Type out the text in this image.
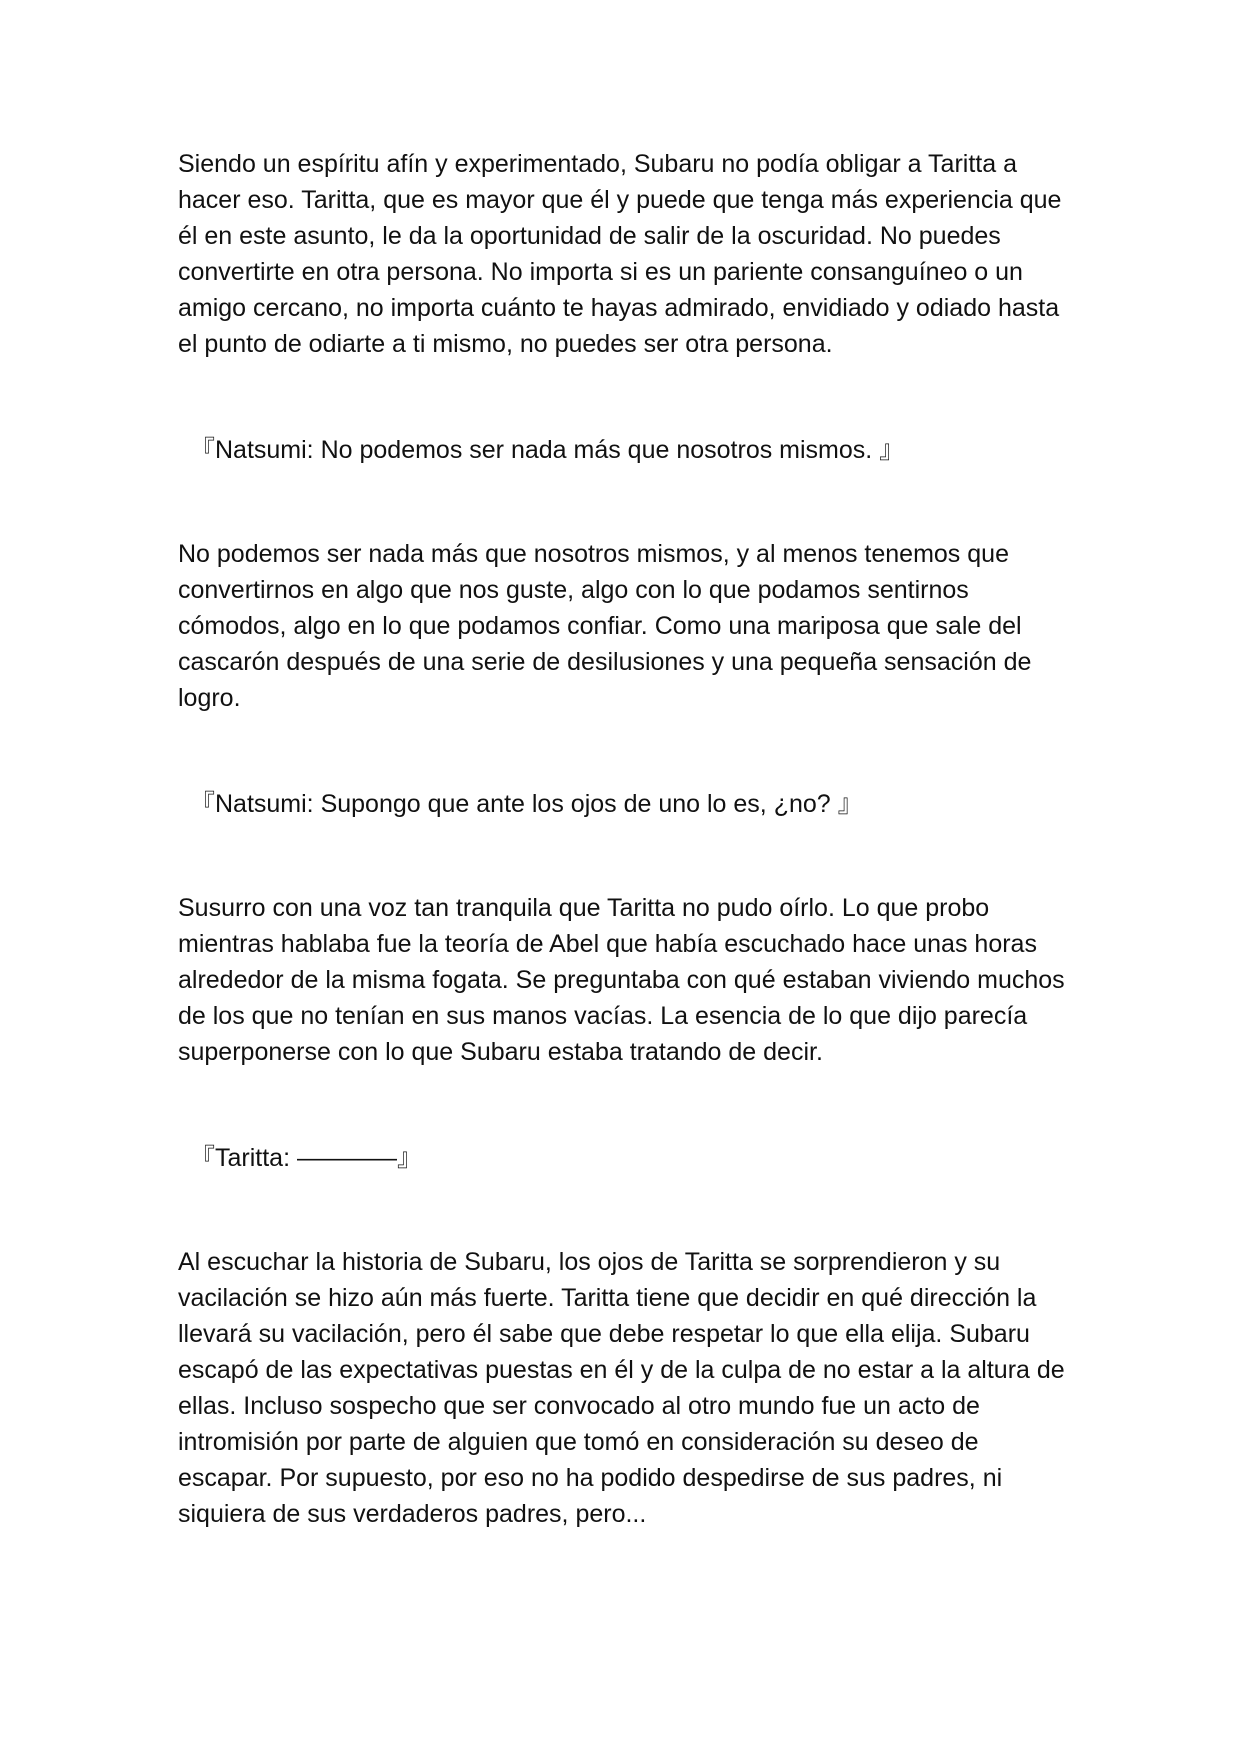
Siendo un espíritu afín y experimentado, Subaru no podía obligar a Taritta a hacer eso. Taritta, que es mayor que él y puede que tenga más experiencia que él en este asunto, le da la oportunidad de salir de la oscuridad. No puedes convertirte en otra persona. No importa si es un pariente consanguíneo o un amigo cercano, no importa cuánto te hayas admirado, envidiado y odiado hasta el punto de odiarte a ti mismo, no puedes ser otra persona.

『Natsumi: No podemos ser nada más que nosotros mismos. 』

No podemos ser nada más que nosotros mismos, y al menos tenemos que convertirnos en algo que nos guste, algo con lo que podamos sentirnos cómodos, algo en lo que podamos confiar. Como una mariposa que sale del cascarón después de una serie de desilusiones y una pequeña sensación de logro.

『Natsumi: Supongo que ante los ojos de uno lo es, ¿no? 』

Susurro con una voz tan tranquila que Taritta no pudo oírlo. Lo que probo mientras hablaba fue la teoría de Abel que había escuchado hace unas horas alrededor de la misma fogata. Se preguntaba con qué estaban viviendo muchos de los que no tenían en sus manos vacías. La esencia de lo que dijo parecía superponerse con lo que Subaru estaba tratando de decir.

『Taritta: ————』

Al escuchar la historia de Subaru, los ojos de Taritta se sorprendieron y su vacilación se hizo aún más fuerte. Taritta tiene que decidir en qué dirección la llevará su vacilación, pero él sabe que debe respetar lo que ella elija. Subaru escapó de las expectativas puestas en él y de la culpa de no estar a la altura de ellas. Incluso sospecho que ser convocado al otro mundo fue un acto de intromisión por parte de alguien que tomó en consideración su deseo de escapar. Por supuesto, por eso no ha podido despedirse de sus padres, ni siquiera de sus verdaderos padres, pero...
